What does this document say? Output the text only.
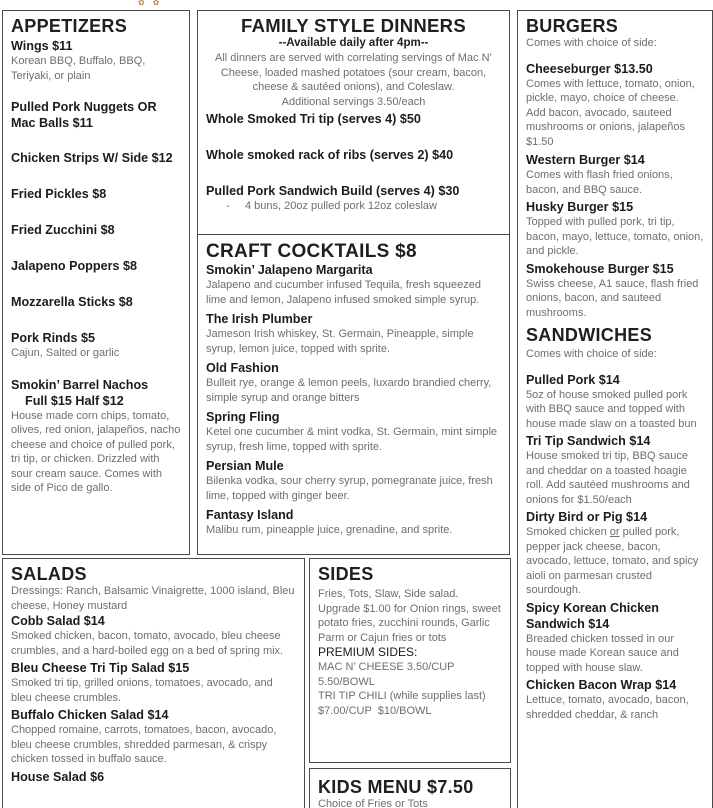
✿✿
APPETIZERS
Wings $11
Korean BBQ, Buffalo, BBQ, Teriyaki, or plain
Pulled Pork Nuggets OR Mac Balls $11
Chicken Strips W/ Side $12
Fried Pickles $8
Fried Zucchini $8
Jalapeno Poppers $8
Mozzarella Sticks $8
Pork Rinds $5
Cajun, Salted or garlic
Smokin’ Barrel Nachos
Full $15 Half $12
House made corn chips, tomato, olives, red onion, jalapeños, nacho cheese and choice of pulled pork, tri tip, or chicken. Drizzled with sour cream sauce. Comes with side of Pico de gallo.
FAMILY STYLE DINNERS
--Available daily after 4pm--
All dinners are served with correlating servings of Mac N’ Cheese, loaded mashed potatoes (sour cream, bacon, cheese & sautéed onions), and Coleslaw.
Additional servings 3.50/each
Whole Smoked Tri tip (serves 4) $50
Whole smoked rack of ribs (serves 2) $40
Pulled Pork Sandwich Build (serves 4) $30
-     4 buns, 20oz pulled pork 12oz coleslaw
CRAFT COCKTAILS $8
Smokin’ Jalapeno Margarita
Jalapeno and cucumber infused Tequila, fresh squeezed lime and lemon, Jalapeno infused smoked simple syrup.
The Irish Plumber
Jameson Irish whiskey, St. Germain, Pineapple, simple syrup, lemon juice, topped with sprite.
Old Fashion
Bulleit rye, orange & lemon peels, luxardo brandied cherry, simple syrup and orange bitters
Spring Fling
Ketel one cucumber & mint vodka, St. Germain, mint simple syrup, fresh lime, topped with sprite.
Persian Mule
Bilenka vodka, sour cherry syrup, pomegranate juice, fresh lime, topped with ginger beer.
Fantasy Island
Malibu rum, pineapple juice, grenadine, and sprite.
BURGERS
Comes with choice of side:
Cheeseburger $13.50
Comes with lettuce, tomato, onion, pickle, mayo, choice of cheese.
Add bacon, avocado, sauteed mushrooms or onions, jalapeños $1.50
Western Burger $14
Comes with flash fried onions, bacon, and BBQ sauce.
Husky Burger $15
Topped with pulled pork, tri tip, bacon, mayo, lettuce, tomato, onion, and pickle.
Smokehouse Burger $15
Swiss cheese, A1 sauce, flash fried onions, bacon, and sauteed mushrooms.
SANDWICHES
Comes with choice of side:
Pulled Pork $14
5oz of house smoked pulled pork with BBQ sauce and topped with house made slaw on a toasted bun
Tri Tip Sandwich $14
House smoked tri tip, BBQ sauce and cheddar on a toasted hoagie roll. Add sautéed mushrooms and onions for $1.50/each
Dirty Bird or Pig $14
Smoked chicken or pulled pork, pepper jack cheese, bacon, avocado, lettuce, tomato, and spicy aioli on parmesan crusted sourdough.
Spicy Korean Chicken Sandwich $14
Breaded chicken tossed in our house made Korean sauce and topped with house slaw.
Chicken Bacon Wrap $14
Lettuce, tomato, avocado, bacon, shredded cheddar, & ranch
SALADS
Dressings: Ranch, Balsamic Vinaigrette, 1000 island, Bleu cheese, Honey mustard
Cobb Salad $14
Smoked chicken, bacon, tomato, avocado, bleu cheese crumbles, and a hard-boiled egg on a bed of spring mix.
Bleu Cheese Tri Tip Salad $15
Smoked tri tip, grilled onions, tomatoes, avocado, and bleu cheese crumbles.
Buffalo Chicken Salad $14
Chopped romaine, carrots, tomatoes, bacon, avocado, bleu cheese crumbles, shredded parmesan, & crispy chicken tossed in buffalo sauce.
House Salad $6
SIDES
Fries, Tots, Slaw, Side salad. Upgrade $1.00 for Onion rings, sweet potato fries, zucchini rounds, Garlic Parm or Cajun fries or tots
PREMIUM SIDES:
MAC N’ CHEESE 3.50/CUP
5.50/BOWL
TRI TIP CHILI (while supplies last)
$7.00/CUP  $10/BOWL
KIDS MENU $7.50
Choice of Fries or Tots
